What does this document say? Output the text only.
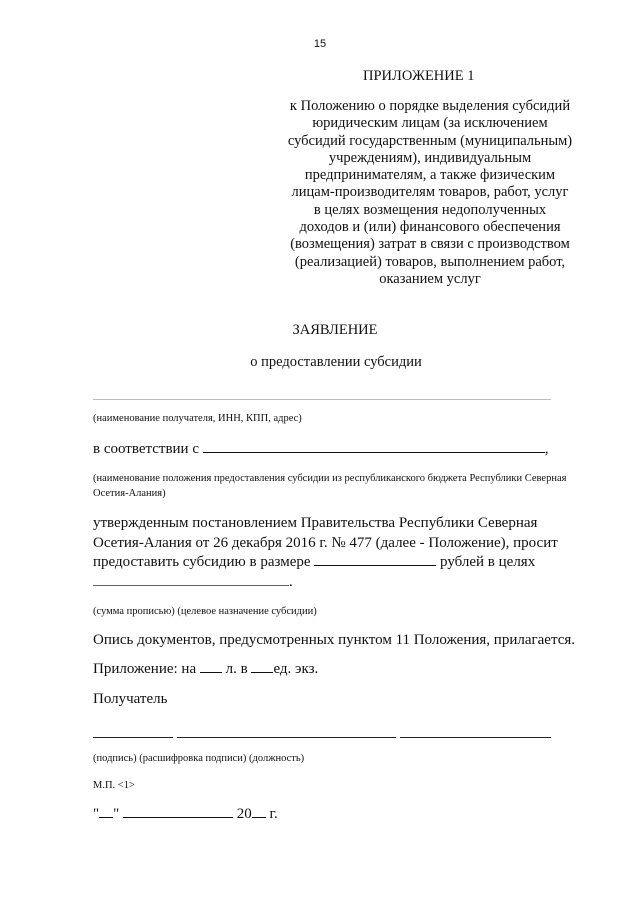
15
ПРИЛОЖЕНИЕ 1
к Положению о порядке выделения субсидий
юридическим лицам (за исключением
субсидий государственным (муниципальным)
учреждениям), индивидуальным
предпринимателям, а также физическим
лицам-производителям товаров, работ, услуг
в целях возмещения недополученных
доходов и (или) финансового обеспечения
(возмещения) затрат в связи с производством
(реализацией) товаров, выполнением работ,
оказанием услуг
ЗАЯВЛЕНИЕ
о предоставлении субсидии
(наименование получателя, ИНН, КПП, адрес)
в соответствии с	,
(наименование положения предоставления субсидии из республиканского бюджета Республики Северная Осетия-Алания)
утвержденным постановлением Правительства Республики Северная
Осетия-Алания от 26 декабря 2016 г. № 477 (далее - Положение), просит
предоставить субсидию в размере	рублей в целях
.
(сумма прописью) (целевое назначение субсидии)
Опись документов, предусмотренных пунктом 11 Положения, прилагается.
Приложение: на л. в ед. экз.
Получатель
(подпись) (расшифровка подписи) (должность)
М.П. <1>
" "	20 г.
